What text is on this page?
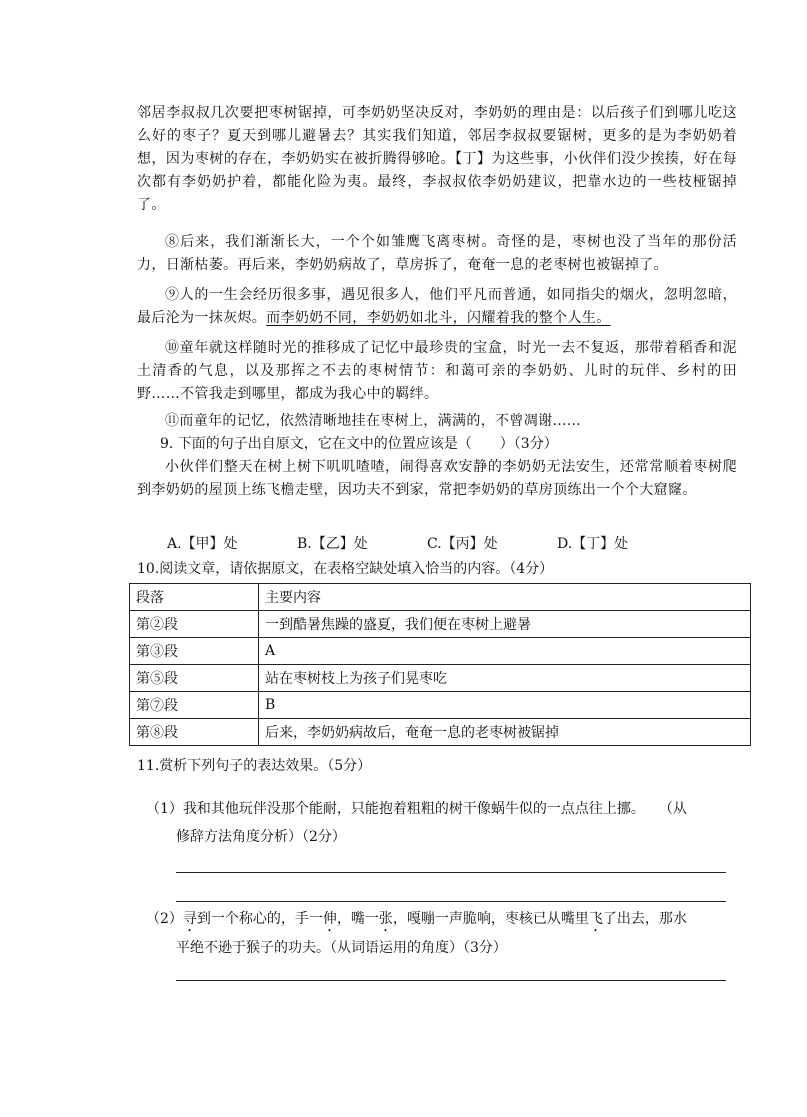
邻居李叔叔几次要把枣树锯掉，可李奶奶坚决反对，李奶奶的理由是：以后孩子们到哪儿吃这么好的枣子？夏天到哪儿避暑去？其实我们知道，邻居李叔叔要锯树，更多的是为李奶奶着想，因为枣树的存在，李奶奶实在被折腾得够呛。【丁】为这些事，小伙伴们没少挨揍，好在每次都有李奶奶护着，都能化险为夷。最终，李叔叔依李奶奶建议，把靠水边的一些枝桠锯掉了。
⑧后来，我们渐渐长大，一个个如雏鹰飞离枣树。奇怪的是，枣树也没了当年的那份活力，日渐枯萎。再后来，李奶奶病故了，草房拆了，奄奄一息的老枣树也被锯掉了。
⑨人的一生会经历很多事，遇见很多人，他们平凡而普通，如同指尖的烟火，忽明忽暗，最后沦为一抹灰烬。而李奶奶不同，李奶奶如北斗，闪耀着我的整个人生。
⑩童年就这样随时光的推移成了记忆中最珍贵的宝盒，时光一去不复返，那带着稻香和泥土清香的气息，以及那挥之不去的枣树情节：和蔼可亲的李奶奶、儿时的玩伴、乡村的田野……不管我走到哪里，都成为我心中的羁绊。
⑪而童年的记忆，依然清晰地挂在枣树上，满满的，不曾凋谢……
9. 下面的句子出自原文，它在文中的位置应该是（　　）（3分）
小伙伴们整天在树上树下叽叽喳喳，闹得喜欢安静的李奶奶无法安生，还常常顺着枣树爬到李奶奶的屋顶上练飞檐走壁，因功夫不到家，常把李奶奶的草房顶练出一个个大窟窿。
A.【甲】处	B.【乙】处	C.【丙】处	D.【丁】处
10.阅读文章，请依据原文，在表格空缺处填入恰当的内容。（4分）
段落	主要内容
第②段	一到酷暑焦躁的盛夏，我们便在枣树上避暑
第③段	A
第⑤段	站在枣树枝上为孩子们晃枣吃
第⑦段	B
第⑧段	后来，李奶奶病故后，奄奄一息的老枣树被锯掉
11.赏析下列句子的表达效果。（5分）
（1）我和其他玩伴没那个能耐，只能抱着粗粗的树干像蜗牛似的一点点往上挪。　　（从
修辞方法角度分析）（2分）
（2）寻到一个称心的，手一伸，嘴一张，嘎嘣一声脆响，枣核已从嘴里飞了出去，那水
平绝不逊于猴子的功夫。（从词语运用的角度）（3分）
